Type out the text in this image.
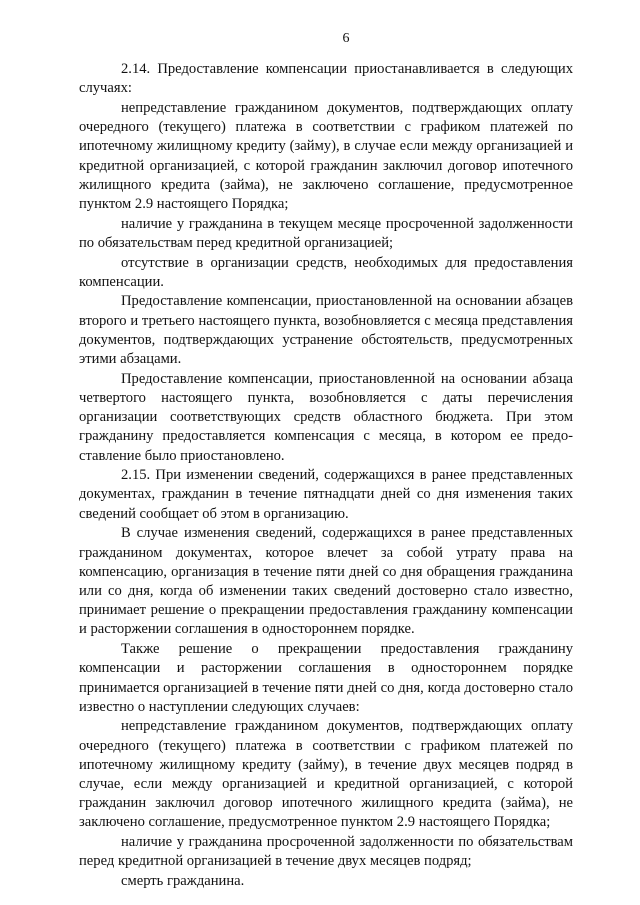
6

2.14. Предоставление компенсации приостанавливается в следующих случаях:

непредставление гражданином документов, подтверждающих оплату очередного (текущего) платежа в соответствии с графиком платежей по ипотечному жилищному кредиту (займу), в случае если между организацией и кредитной организацией, с которой гражданин заключил договор ипотечного жилищного кредита (займа), не заключено соглашение, предусмотренное пунктом 2.9 настоящего Порядка;

наличие у гражданина в текущем месяце просроченной задолженности по обязательствам перед кредитной организацией;

отсутствие в организации средств, необходимых для предоставления компенсации.

Предоставление компенсации, приостановленной на основании абзацев второго и третьего настоящего пункта, возобновляется с месяца представления документов, подтверждающих устранение обстоятельств, предусмотренных этими абзацами.

Предоставление компенсации, приостановленной на основании абзаца четвертого настоящего пункта, возобновляется с даты перечисления организации соответствующих средств областного бюджета. При этом гражданину предоставляется компенсация с месяца, в котором ее предоставление было приостановлено.

2.15. При изменении сведений, содержащихся в ранее представленных документах, гражданин в течение пятнадцати дней со дня изменения таких сведений сообщает об этом в организацию.

В случае изменения сведений, содержащихся в ранее представленных гражданином документах, которое влечет за собой утрату права на компенсацию, организация в течение пяти дней со дня обращения гражданина или со дня, когда об изменении таких сведений достоверно стало известно, принимает решение о прекращении предоставления гражданину компенсации и расторжении соглашения в одностороннем порядке.

Также решение о прекращении предоставления гражданину компенсации и расторжении соглашения в одностороннем порядке принимается организацией в течение пяти дней со дня, когда достоверно стало известно о наступлении следующих случаев:

непредставление гражданином документов, подтверждающих оплату очередного (текущего) платежа в соответствии с графиком платежей по ипотечному жилищному кредиту (займу), в течение двух месяцев подряд в случае, если между организацией и кредитной организацией, с которой гражданин заключил договор ипотечного жилищного кредита (займа), не заключено соглашение, предусмотренное пунктом 2.9 настоящего Порядка;

наличие у гражданина просроченной задолженности по обязательствам перед кредитной организацией в течение двух месяцев подряд;

смерть гражданина.
